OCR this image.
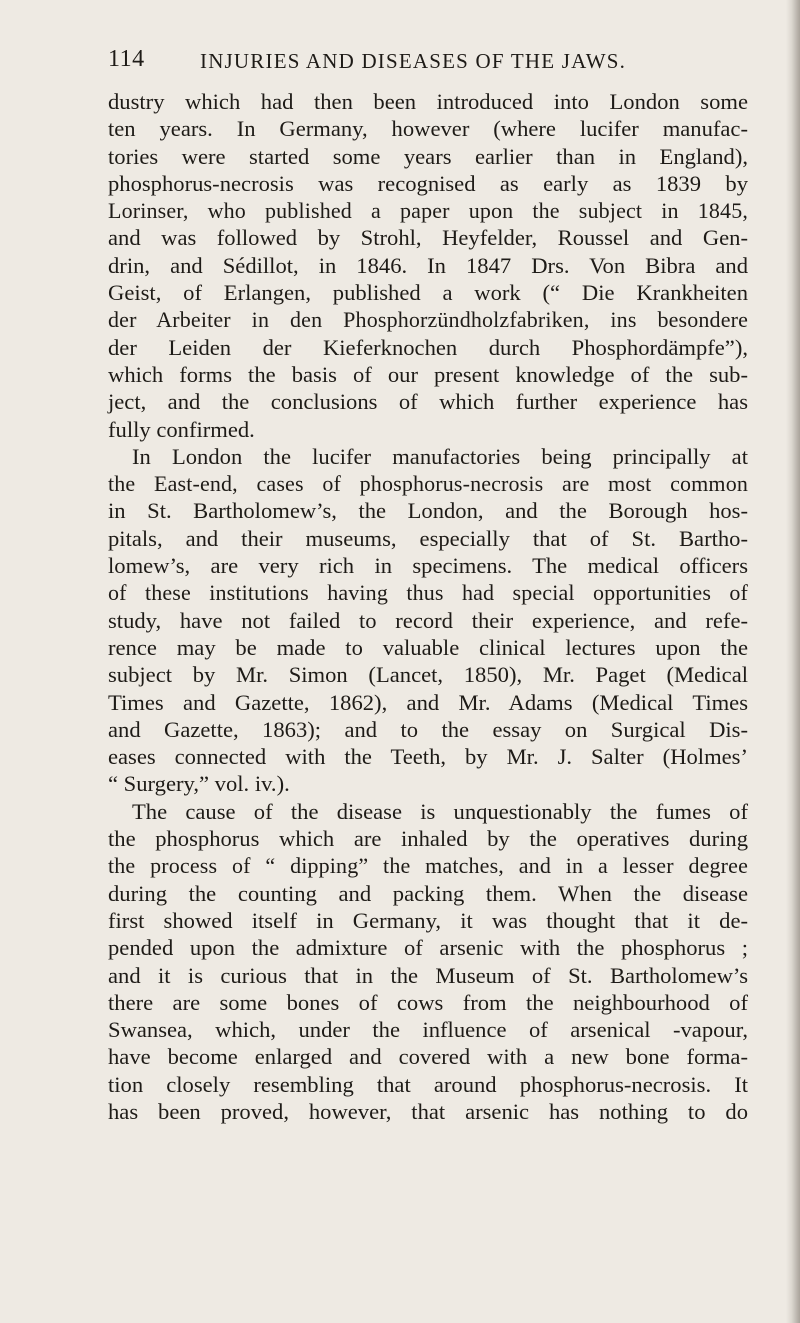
114	INJURIES AND DISEASES OF THE JAWS.
dustry which had then been introduced into London some
ten years. In Germany, however (where lucifer manufac-
tories were started some years earlier than in England),
phosphorus-necrosis was recognised as early as 1839 by
Lorinser, who published a paper upon the subject in 1845,
and was followed by Strohl, Heyfelder, Roussel and Gen-
drin, and Sédillot, in 1846. In 1847 Drs. Von Bibra and
Geist, of Erlangen, published a work (“ Die Krankheiten
der Arbeiter in den Phosphorzündholzfabriken, ins besondere
der Leiden der Kieferknochen durch Phosphordämpfe”),
which forms the basis of our present knowledge of the sub-
ject, and the conclusions of which further experience has
fully confirmed.
In London the lucifer manufactories being principally at
the East-end, cases of phosphorus-necrosis are most common
in St. Bartholomew’s, the London, and the Borough hos-
pitals, and their museums, especially that of St. Bartho-
lomew’s, are very rich in specimens. The medical officers
of these institutions having thus had special opportunities of
study, have not failed to record their experience, and refe-
rence may be made to valuable clinical lectures upon the
subject by Mr. Simon (Lancet, 1850), Mr. Paget (Medical
Times and Gazette, 1862), and Mr. Adams (Medical Times
and Gazette, 1863); and to the essay on Surgical Dis-
eases connected with the Teeth, by Mr. J. Salter (Holmes’
“ Surgery,” vol. iv.).
The cause of the disease is unquestionably the fumes of
the phosphorus which are inhaled by the operatives during
the process of “ dipping” the matches, and in a lesser degree
during the counting and packing them. When the disease
first showed itself in Germany, it was thought that it de-
pended upon the admixture of arsenic with the phosphorus ;
and it is curious that in the Museum of St. Bartholomew’s
there are some bones of cows from the neighbourhood of
Swansea, which, under the influence of arsenical -vapour,
have become enlarged and covered with a new bone forma-
tion closely resembling that around phosphorus-necrosis. It
has been proved, however, that arsenic has nothing to do
